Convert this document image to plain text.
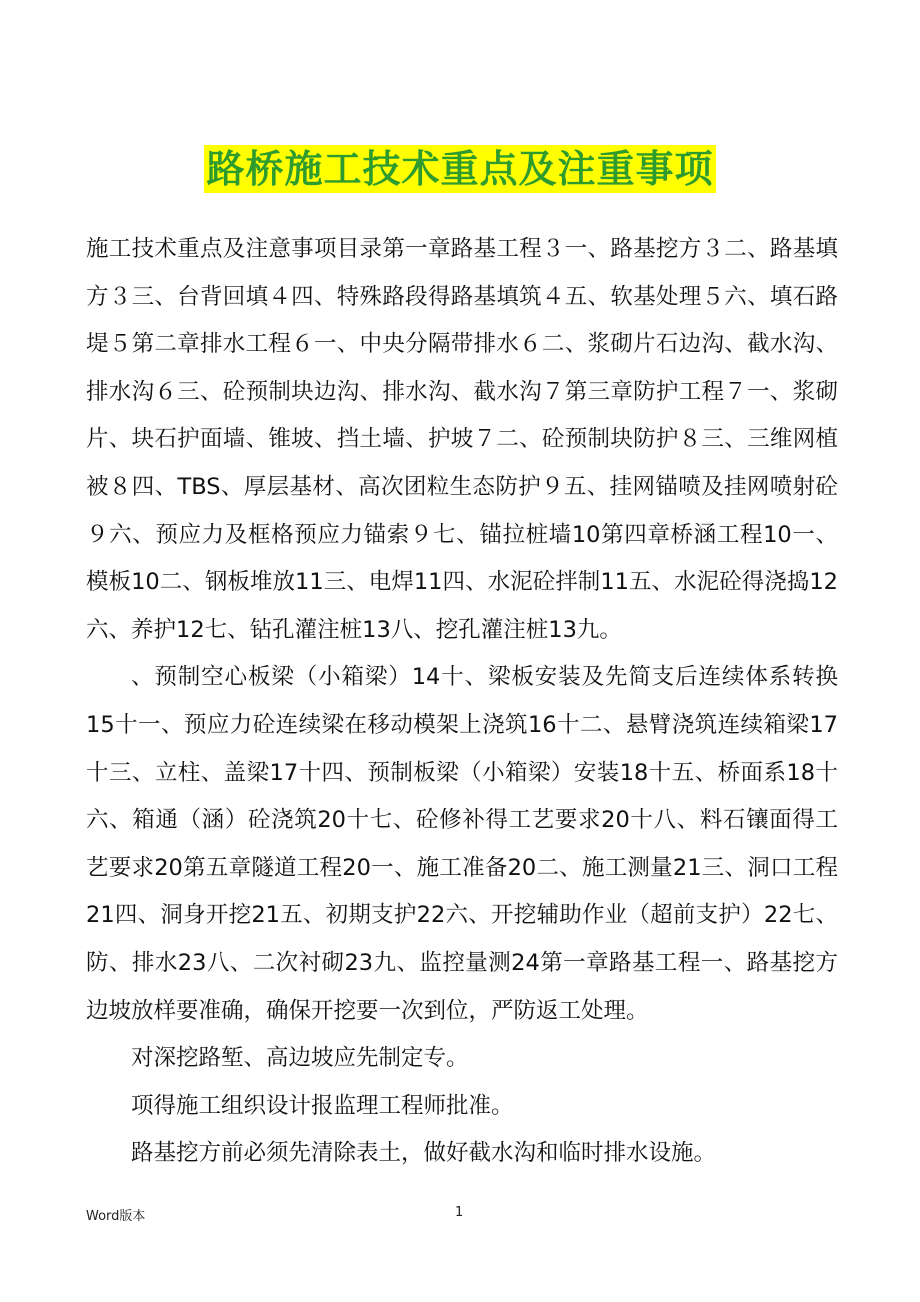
路桥施工技术重点及注重事项

施工技术重点及注意事项目录第一章路基工程３一、路基挖方３二、路基填方３三、台背回填４四、特殊路段得路基填筑４五、软基处理５六、填石路堤５第二章排水工程６一、中央分隔带排水６二、浆砌片石边沟、截水沟、排水沟６三、砼预制块边沟、排水沟、截水沟７第三章防护工程７一、浆砌片、块石护面墙、锥坡、挡土墙、护坡７二、砼预制块防护８三、三维网植被８四、TBS、厚层基材、高次团粒生态防护９五、挂网锚喷及挂网喷射砼９六、预应力及框格预应力锚索９七、锚拉桩墙10第四章桥涵工程10一、模板10二、钢板堆放11三、电焊11四、水泥砼拌制11五、水泥砼得浇捣12六、养护12七、钻孔灌注桩13八、挖孔灌注桩13九。

、预制空心板梁（小箱梁）14十、梁板安装及先简支后连续体系转换15十一、预应力砼连续梁在移动模架上浇筑16十二、悬臂浇筑连续箱梁17十三、立柱、盖梁17十四、预制板梁（小箱梁）安装18十五、桥面系18十六、箱通（涵）砼浇筑20十七、砼修补得工艺要求20十八、料石镶面得工艺要求20第五章隧道工程20一、施工准备20二、施工测量21三、洞口工程21四、洞身开挖21五、初期支护22六、开挖辅助作业（超前支护）22七、防、排水23八、二次衬砌23九、监控量测24第一章路基工程一、路基挖方边坡放样要准确，确保开挖要一次到位，严防返工处理。

对深挖路堑、高边坡应先制定专。

项得施工组织设计报监理工程师批准。

路基挖方前必须先清除表土，做好截水沟和临时排水设施。

Word版本	1
